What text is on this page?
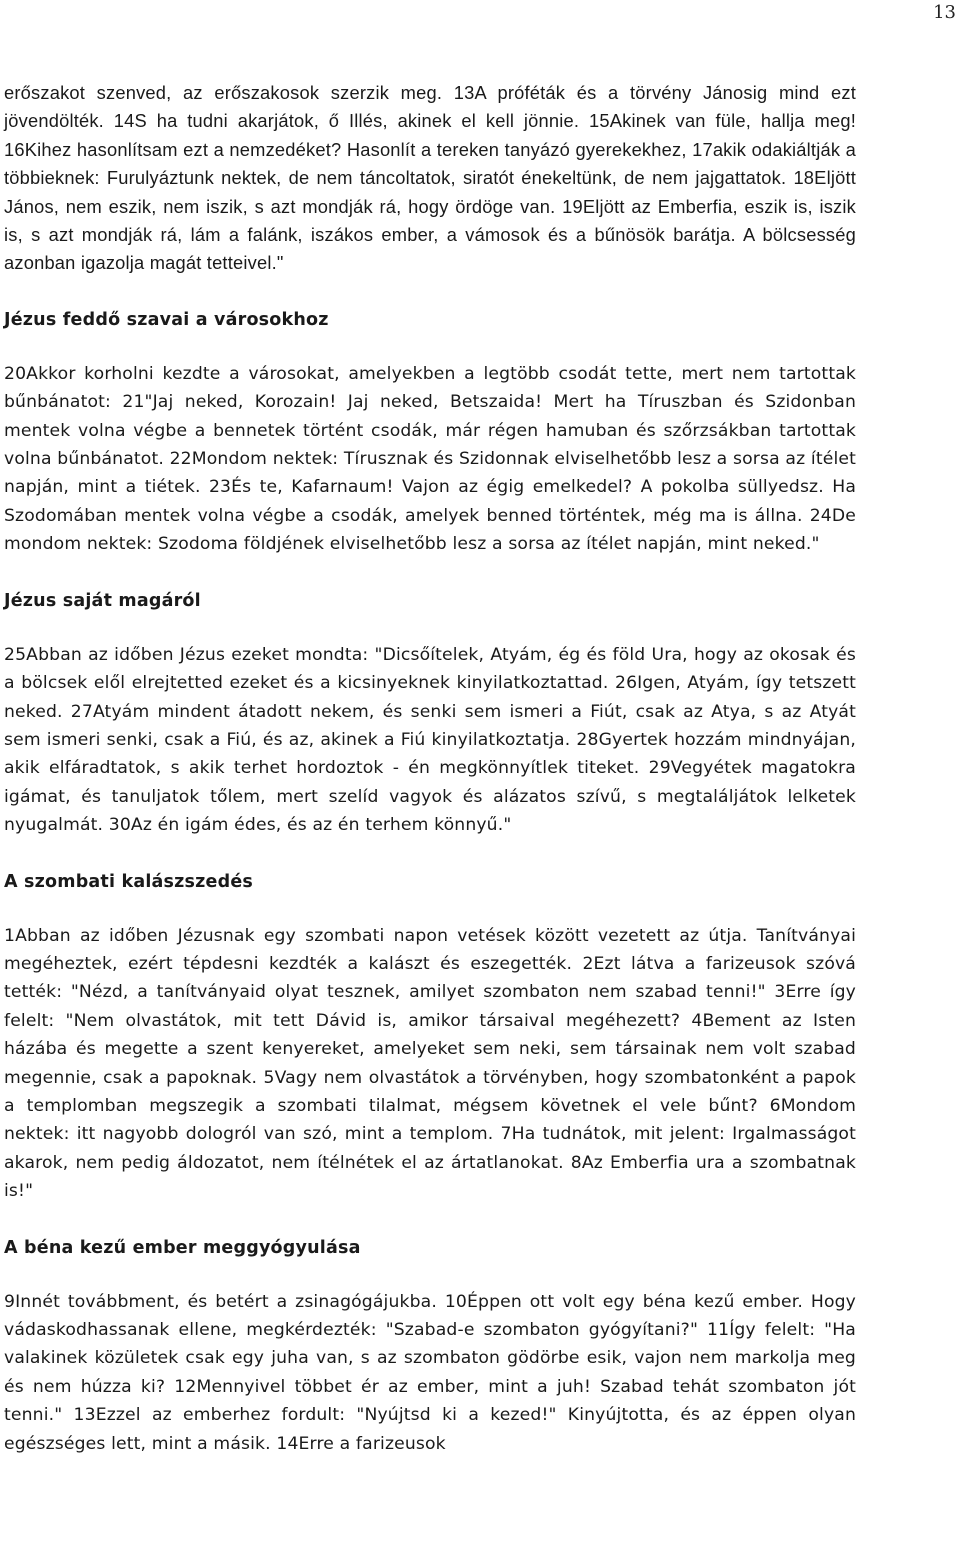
13

erőszakot szenved, az erőszakosok szerzik meg. 13A próféták és a törvény Jánosig mind ezt jövendölték. 14S ha tudni akarjátok, ő Illés, akinek el kell jönnie. 15Akinek van füle, hallja meg! 16Kihez hasonlítsam ezt a nemzedéket? Hasonlít a tereken tanyázó gyerekekhez, 17akik odakiáltják a többieknek: Furulyáztunk nektek, de nem táncoltatok, siratót énekeltünk, de nem jajgattatok. 18Eljött János, nem eszik, nem iszik, s azt mondják rá, hogy ördöge van. 19Eljött az Emberfia, eszik is, iszik is, s azt mondják rá, lám a falánk, iszákos ember, a vámosok és a bűnösök barátja. A bölcsesség azonban igazolja magát tetteivel."

Jézus feddő szavai a városokhoz

20Akkor korholni kezdte a városokat, amelyekben a legtöbb csodát tette, mert nem tartottak bűnbánatot: 21"Jaj neked, Korozain! Jaj neked, Betszaida! Mert ha Tíruszban és Szidonban mentek volna végbe a bennetek történt csodák, már régen hamuban és szőrzsákban tartottak volna bűnbánatot. 22Mondom nektek: Tírusznak és Szidonnak elviselhetőbb lesz a sorsa az ítélet napján, mint a tiétek. 23És te, Kafarnaum! Vajon az égig emelkedel? A pokolba süllyedsz. Ha Szodomában mentek volna végbe a csodák, amelyek benned történtek, még ma is állna. 24De mondom nektek: Szodoma földjének elviselhetőbb lesz a sorsa az ítélet napján, mint neked."

Jézus saját magáról

25Abban az időben Jézus ezeket mondta: "Dicsőítelek, Atyám, ég és föld Ura, hogy az okosak és a bölcsek elől elrejtetted ezeket és a kicsinyeknek kinyilatkoztattad. 26Igen, Atyám, így tetszett neked. 27Atyám mindent átadott nekem, és senki sem ismeri a Fiút, csak az Atya, s az Atyát sem ismeri senki, csak a Fiú, és az, akinek a Fiú kinyilatkoztatja. 28Gyertek hozzám mindnyájan, akik elfáradtatok, s akik terhet hordoztok - én megkönnyítlek titeket. 29Vegyétek magatokra igámat, és tanuljatok tőlem, mert szelíd vagyok és alázatos szívű, s megtaláljátok lelketek nyugalmát. 30Az én igám édes, és az én terhem könnyű."

A szombati kalászszedés

1Abban az időben Jézusnak egy szombati napon vetések között vezetett az útja. Tanítványai megéheztek, ezért tépdesni kezdték a kalászt és eszegették. 2Ezt látva a farizeusok szóvá tették: "Nézd, a tanítványaid olyat tesznek, amilyet szombaton nem szabad tenni!" 3Erre így felelt: "Nem olvastátok, mit tett Dávid is, amikor társaival megéhezett? 4Bement az Isten házába és megette a szent kenyereket, amelyeket sem neki, sem társainak nem volt szabad megennie, csak a papoknak. 5Vagy nem olvastátok a törvényben, hogy szombatonként a papok a templomban megszegik a szombati tilalmat, mégsem követnek el vele bűnt? 6Mondom nektek: itt nagyobb dologról van szó, mint a templom. 7Ha tudnátok, mit jelent: Irgalmasságot akarok, nem pedig áldozatot, nem ítélnétek el az ártatlanokat. 8Az Emberfia ura a szombatnak is!"

A béna kezű ember meggyógyulása

9Innét továbbment, és betért a zsinagógájukba. 10Éppen ott volt egy béna kezű ember. Hogy vádaskodhassanak ellene, megkérdezték: "Szabad-e szombaton gyógyítani?" 11Így felelt: "Ha valakinek közületek csak egy juha van, s az szombaton gödörbe esik, vajon nem markolja meg és nem húzza ki? 12Mennyivel többet ér az ember, mint a juh! Szabad tehát szombaton jót tenni." 13Ezzel az emberhez fordult: "Nyújtsd ki a kezed!" Kinyújtotta, és az éppen olyan egészséges lett, mint a másik. 14Erre a farizeusok
